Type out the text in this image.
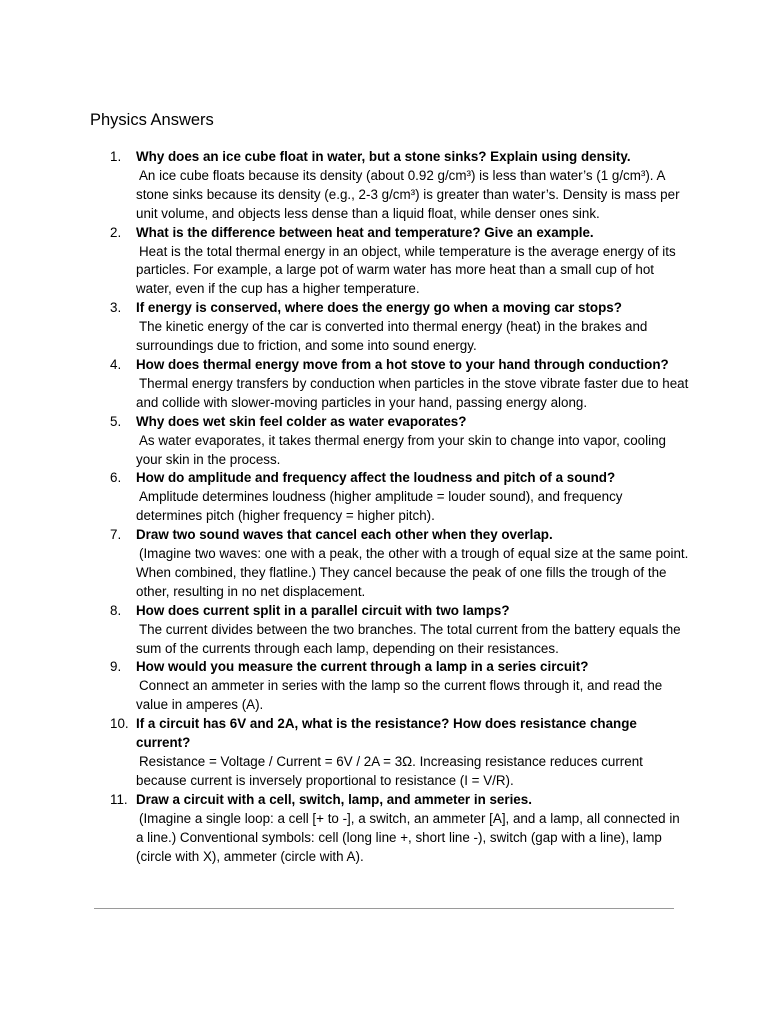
Physics Answers
1.	Why does an ice cube float in water, but a stone sinks? Explain using density.
An ice cube floats because its density (about 0.92 g/cm³) is less than water’s (1 g/cm³). A stone sinks because its density (e.g., 2-3 g/cm³) is greater than water’s. Density is mass per unit volume, and objects less dense than a liquid float, while denser ones sink.
2.	What is the difference between heat and temperature? Give an example.
Heat is the total thermal energy in an object, while temperature is the average energy of its particles. For example, a large pot of warm water has more heat than a small cup of hot water, even if the cup has a higher temperature.
3.	If energy is conserved, where does the energy go when a moving car stops?
The kinetic energy of the car is converted into thermal energy (heat) in the brakes and surroundings due to friction, and some into sound energy.
4.	How does thermal energy move from a hot stove to your hand through conduction?
Thermal energy transfers by conduction when particles in the stove vibrate faster due to heat and collide with slower-moving particles in your hand, passing energy along.
5.	Why does wet skin feel colder as water evaporates?
As water evaporates, it takes thermal energy from your skin to change into vapor, cooling your skin in the process.
6.	How do amplitude and frequency affect the loudness and pitch of a sound?
Amplitude determines loudness (higher amplitude = louder sound), and frequency determines pitch (higher frequency = higher pitch).
7.	Draw two sound waves that cancel each other when they overlap.
(Imagine two waves: one with a peak, the other with a trough of equal size at the same point. When combined, they flatline.) They cancel because the peak of one fills the trough of the other, resulting in no net displacement.
8.	How does current split in a parallel circuit with two lamps?
The current divides between the two branches. The total current from the battery equals the sum of the currents through each lamp, depending on their resistances.
9.	How would you measure the current through a lamp in a series circuit?
Connect an ammeter in series with the lamp so the current flows through it, and read the value in amperes (A).
10. If a circuit has 6V and 2A, what is the resistance? How does resistance change current?
Resistance = Voltage / Current = 6V / 2A = 3Ω. Increasing resistance reduces current because current is inversely proportional to resistance (I = V/R).
11. Draw a circuit with a cell, switch, lamp, and ammeter in series.
(Imagine a single loop: a cell [+ to -], a switch, an ammeter [A], and a lamp, all connected in a line.) Conventional symbols: cell (long line +, short line -), switch (gap with a line), lamp (circle with X), ammeter (circle with A).
